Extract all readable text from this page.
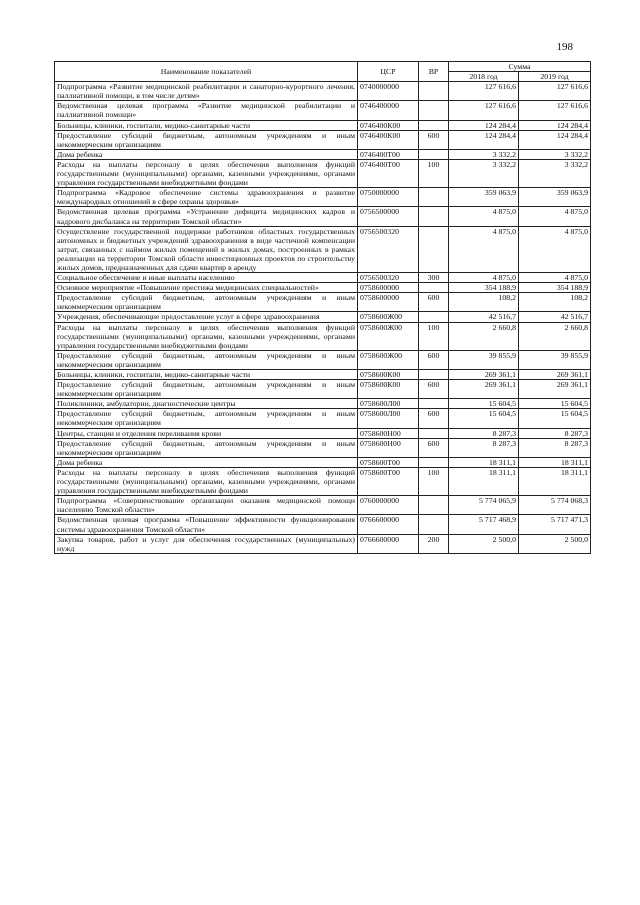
198
Наименование показателей	ЦСР	ВР	Сумма	
			2018 год	2019 год
Подпрограмма «Развитие медицинской реабилитации и санаторно-курортного лечения, паллиативной помощи, в том числе детям»	0740000000		127 616,6	127 616,6
Ведомственная целевая программа «Развитие медицинской реабилитации и паллиативной помощи»	0746400000		127 616,6	127 616,6
Больницы, клиники, госпитали, медико-санитарные части	0746400К00		124 284,4	124 284,4
Предоставление субсидий бюджетным, автономным учреждениям и иным некоммерческим организациям	0746400К00	600	124 284,4	124 284,4
Дома ребенка	0746400Т00		3 332,2	3 332,2
Расходы на выплаты персоналу в целях обеспечения выполнения функций государственными (муниципальными) органами, казенными учреждениями, органами управления государственными внебюджетными фондами	0746400Т00	100	3 332,2	3 332,2
Подпрограмма «Кадровое обеспечение системы здравоохранения и развитие международных отношений в сфере охраны здоровья»	0750000000		359 063,9	359 063,9
Ведомственная целевая программа «Устранение дефицита медицинских кадров и кадрового дисбаланса на территории Томской области»	0756500000		4 875,0	4 875,0
Осуществление государственной поддержки работников областных государственных автономных и бюджетных учреждений здравоохранения в виде частичной компенсации затрат, связанных с наймом жилых помещений в жилых домах, построенных в рамках реализации на территории Томской области инвестиционных проектов по строительству жилых домов, предназначенных для сдачи квартир в аренду	0756500320		4 875,0	4 875,0
Социальное обеспечение и иные выплаты населению	0756500320	300	4 875,0	4 875,0
Основное мероприятие «Повышение престижа медицинских специальностей»	0758600000		354 188,9	354 188,9
Предоставление субсидий бюджетным, автономным учреждениям и иным некоммерческим организациям	0758600000	600	108,2	108,2
Учреждения, обеспечивающие предоставление услуг в сфере здравоохранения	0758600Ж00		42 516,7	42 516,7
Расходы на выплаты персоналу в целях обеспечения выполнения функций государственными (муниципальными) органами, казенными учреждениями, органами управления государственными внебюджетными фондами	0758600Ж00	100	2 660,8	2 660,8
Предоставление субсидий бюджетным, автономным учреждениям и иным некоммерческим организациям	0758600Ж00	600	39 855,9	39 855,9
Больницы, клиники, госпитали, медико-санитарные части	0758600К00		269 361,1	269 361,1
Предоставление субсидий бюджетным, автономным учреждениям и иным некоммерческим организациям	0758600К00	600	269 361,1	269 361,1
Поликлиники, амбулатории, диагностические центры	0758600Л00		15 604,5	15 604,5
Предоставление субсидий бюджетным, автономным учреждениям и иным некоммерческим организациям	0758600Л00	600	15 604,5	15 604,5
Центры, станции и отделения переливания крови	0758600Н00		8 287,3	8 287,3
Предоставление субсидий бюджетным, автономным учреждениям и иным некоммерческим организациям	0758600Н00	600	8 287,3	8 287,3
Дома ребенка	0758600Т00		18 311,1	18 311,1
Расходы на выплаты персоналу в целях обеспечения выполнения функций государственными (муниципальными) органами, казенными учреждениями, органами управления государственными внебюджетными фондами	0758600Т00	100	18 311,1	18 311,1
Подпрограмма «Совершенствование организации оказания медицинской помощи населению Томской области»	0760000000		5 774 065,9	5 774 068,3
Ведомственная целевая программа «Повышение эффективности функционирования системы здравоохранения Томской области»	0766600000		5 717 468,9	5 717 471,3
Закупка товаров, работ и услуг для обеспечения государственных (муниципальных) нужд	0766600000	200	2 500,0	2 500,0
